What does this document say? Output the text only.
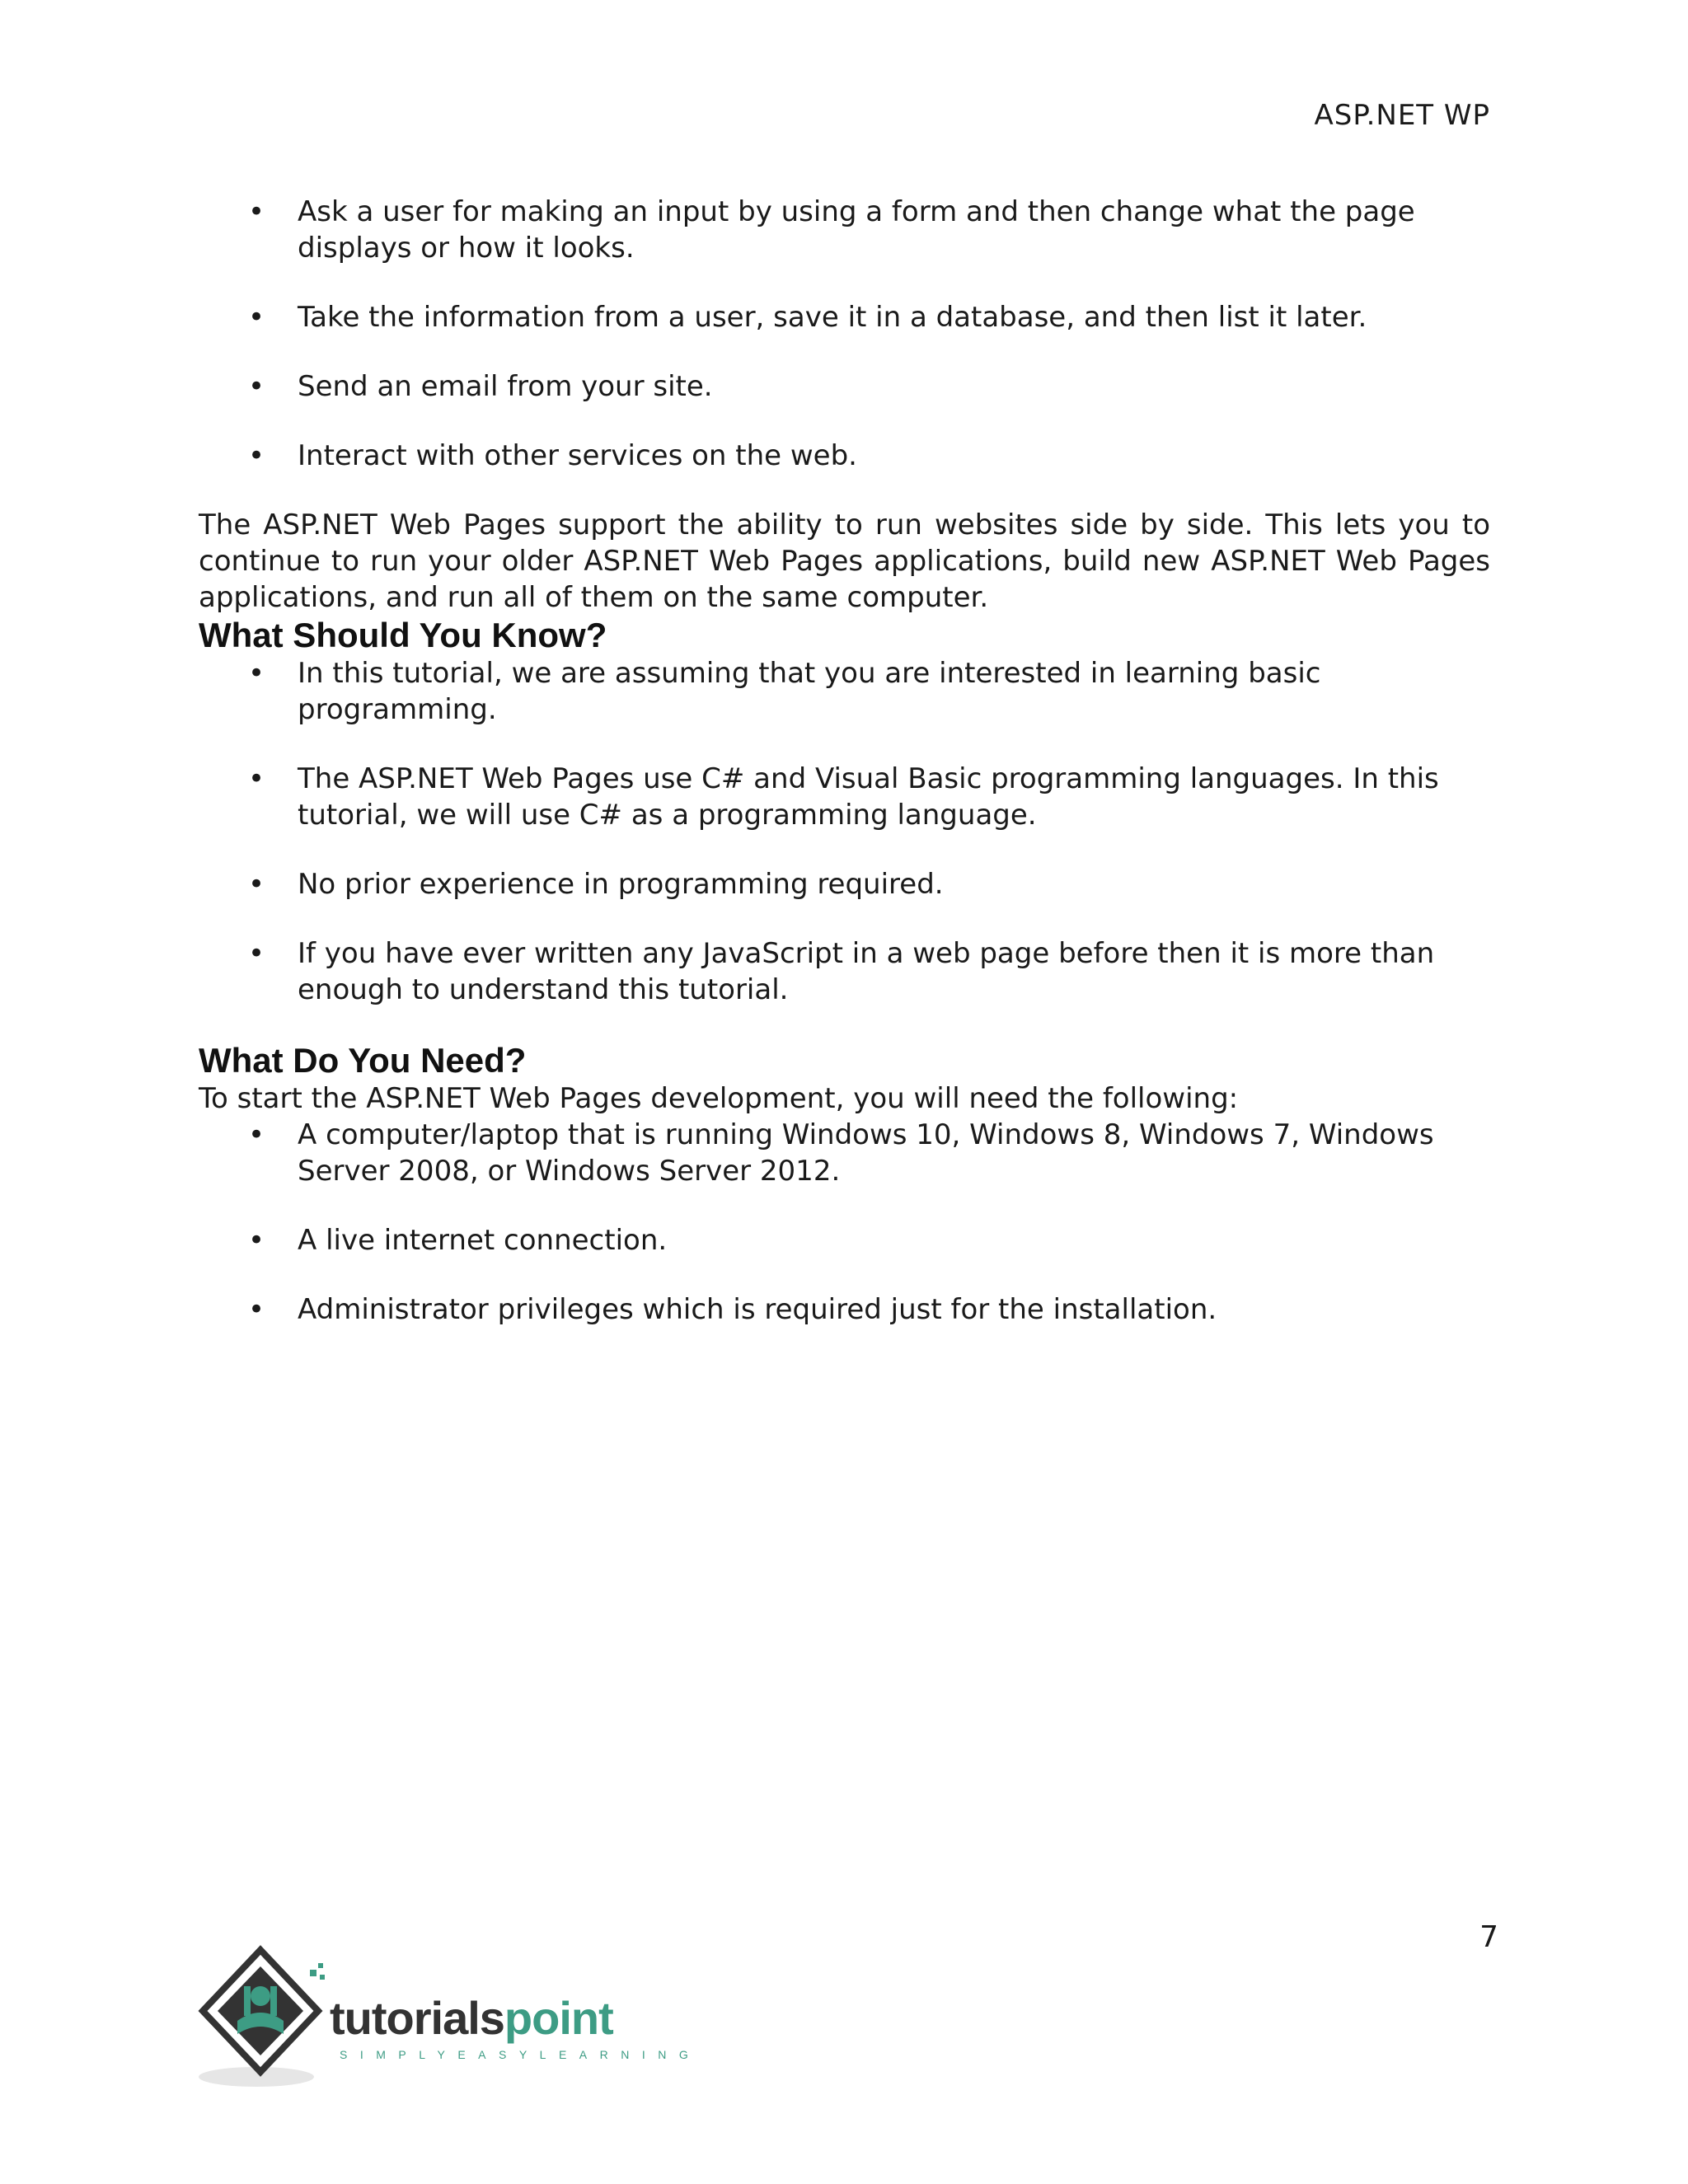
ASP.NET WP
• Ask a user for making an input by using a form and then change what the page displays or how it looks.
• Take the information from a user, save it in a database, and then list it later.
• Send an email from your site.
• Interact with other services on the web.

The ASP.NET Web Pages support the ability to run websites side by side. This lets you to continue to run your older ASP.NET Web Pages applications, build new ASP.NET Web Pages applications, and run all of them on the same computer.

What Should You Know?
• In this tutorial, we are assuming that you are interested in learning basic programming.
• The ASP.NET Web Pages use C# and Visual Basic programming languages. In this tutorial, we will use C# as a programming language.
• No prior experience in programming required.
• If you have ever written any JavaScript in a web page before then it is more than enough to understand this tutorial.
What Do You Need?

To start the ASP.NET Web Pages development, you will need the following:

• A computer/laptop that is running Windows 10, Windows 8, Windows 7, Windows Server 2008, or Windows Server 2012.
• A live internet connection.
• Administrator privileges which is required just for the installation.
7
tutorialspoint
SIMPLYEASYLEARNING
